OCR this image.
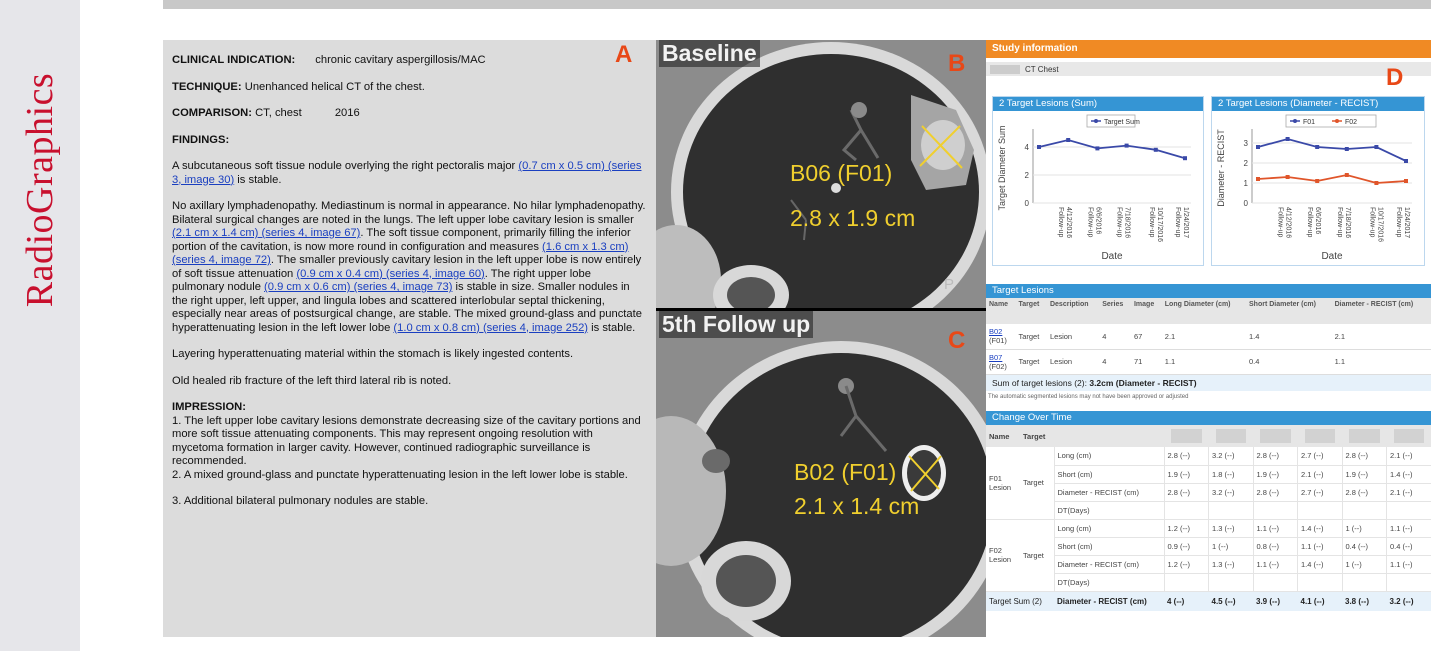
RadioGraphics

CLINICAL INDICATION: chronic cavitary aspergillosis/MAC

TECHNIQUE: Unenhanced helical CT of the chest.

COMPARISON: CT, chest	2016

FINDINGS:

A subcutaneous soft tissue nodule overlying the right pectoralis major (0.7 cm x 0.5 cm) (series 3, image 30) is stable.

No axillary lymphadenopathy. Mediastinum is normal in appearance. No hilar lymphadenopathy. Bilateral surgical changes are noted in the lungs. The left upper lobe cavitary lesion is smaller (2.1 cm x 1.4 cm) (series 4, image 67). The soft tissue component, primarily filling the inferior portion of the cavitation, is now more round in configuration and measures (1.6 cm x 1.3 cm) (series 4, image 72). The smaller previously cavitary lesion in the left upper lobe is now entirely of soft tissue attenuation (0.9 cm x 0.4 cm) (series 4, image 60). The right upper lobe pulmonary nodule (0.9 cm x 0.6 cm) (series 4, image 73) is stable in size. Smaller nodules in the right upper, left upper, and lingula lobes and scattered interlobular septal thickening, especially near areas of postsurgical change, are stable. The mixed ground-glass and punctate hyperattenuating lesion in the left lower lobe (1.0 cm x 0.8 cm) (series 4, image 252) is stable.

Layering hyperattenuating material within the stomach is likely ingested contents.

Old healed rib fracture of the left third lateral rib is noted.

IMPRESSION:

1. The left upper lobe cavitary lesions demonstrate decreasing size of the cavitary portions and more soft tissue attenuating components. This may represent ongoing resolution with mycetoma formation in larger cavity. However, continued radiographic surveillance is recommended.
2. A mixed ground-glass and punctate hyperattenuating lesion in the left lower lobe is stable.
3. Additional bilateral pulmonary nodules are stable.
A Baseline
B06 (F01)
2.8 x 1.9 cm
P
B
5th Follow up
B02 (F01)
2.1 x 1.4 cm
C
Study information
CT Chest	D
2 Target Lesions (Sum)
0
2
4
Target Diameter Sum
Date
4/12/2016
Follow-up	6/6/2016
Follow-up	7/18/2016
Follow-up	10/17/2016
Follow-up	1/24/2017
Follow-up
Target Sum
2 Target Lesions (Diameter - RECIST)
0
1
2
3
Diameter - RECIST
Date
4/12/2016
Follow-up	6/6/2016
Follow-up	7/18/2016
Follow-up	10/17/2016
Follow-up	1/24/2017
Follow-up
F01	F02
Target Lesions
Name	Target	Description	Series	Image	Long Diameter (cm)	Short Diameter (cm)	Diameter - RECIST (cm)

B02
(F01)	Target	Lesion	4	67	2.1	1.4	2.1

B07
(F02)	Target	Lesion	4	71	1.1	0.4	1.1
Sum of target lesions (2): 3.2cm (Diameter - RECIST)
The automatic segmented lesions may not have been approved or adjusted
Change Over Time
Name	Target		

F01 Lesion	Target	Long (cm)	2.8 (--)	3.2 (--)	2.8 (--)	2.7 (--)	2.8 (--)	2.1 (--)
		Short (cm)	1.9 (--)	1.8 (--)	1.9 (--)	2.1 (--)	1.9 (--)	1.4 (--)
		Diameter - RECIST (cm)	2.8 (--)	3.2 (--)	2.8 (--)	2.7 (--)	2.8 (--)	2.1 (--)
		DT(Days)						
F02 Lesion	Target	Long (cm)	1.2 (--)	1.3 (--)	1.1 (--)	1.4 (--)	1 (--)	1.1 (--)
		Short (cm)	0.9 (--)	1 (--)	0.8 (--)	1.1 (--)	0.4 (--)	0.4 (--)
		Diameter - RECIST (cm)	1.2 (--)	1.3 (--)	1.1 (--)	1.4 (--)	1 (--)	1.1 (--)
		DT(Days)						
Target Sum (2)		Diameter - RECIST (cm)	4 (--)	4.5 (--)	3.9 (--)	4.1 (--)	3.8 (--)	3.2 (--)
